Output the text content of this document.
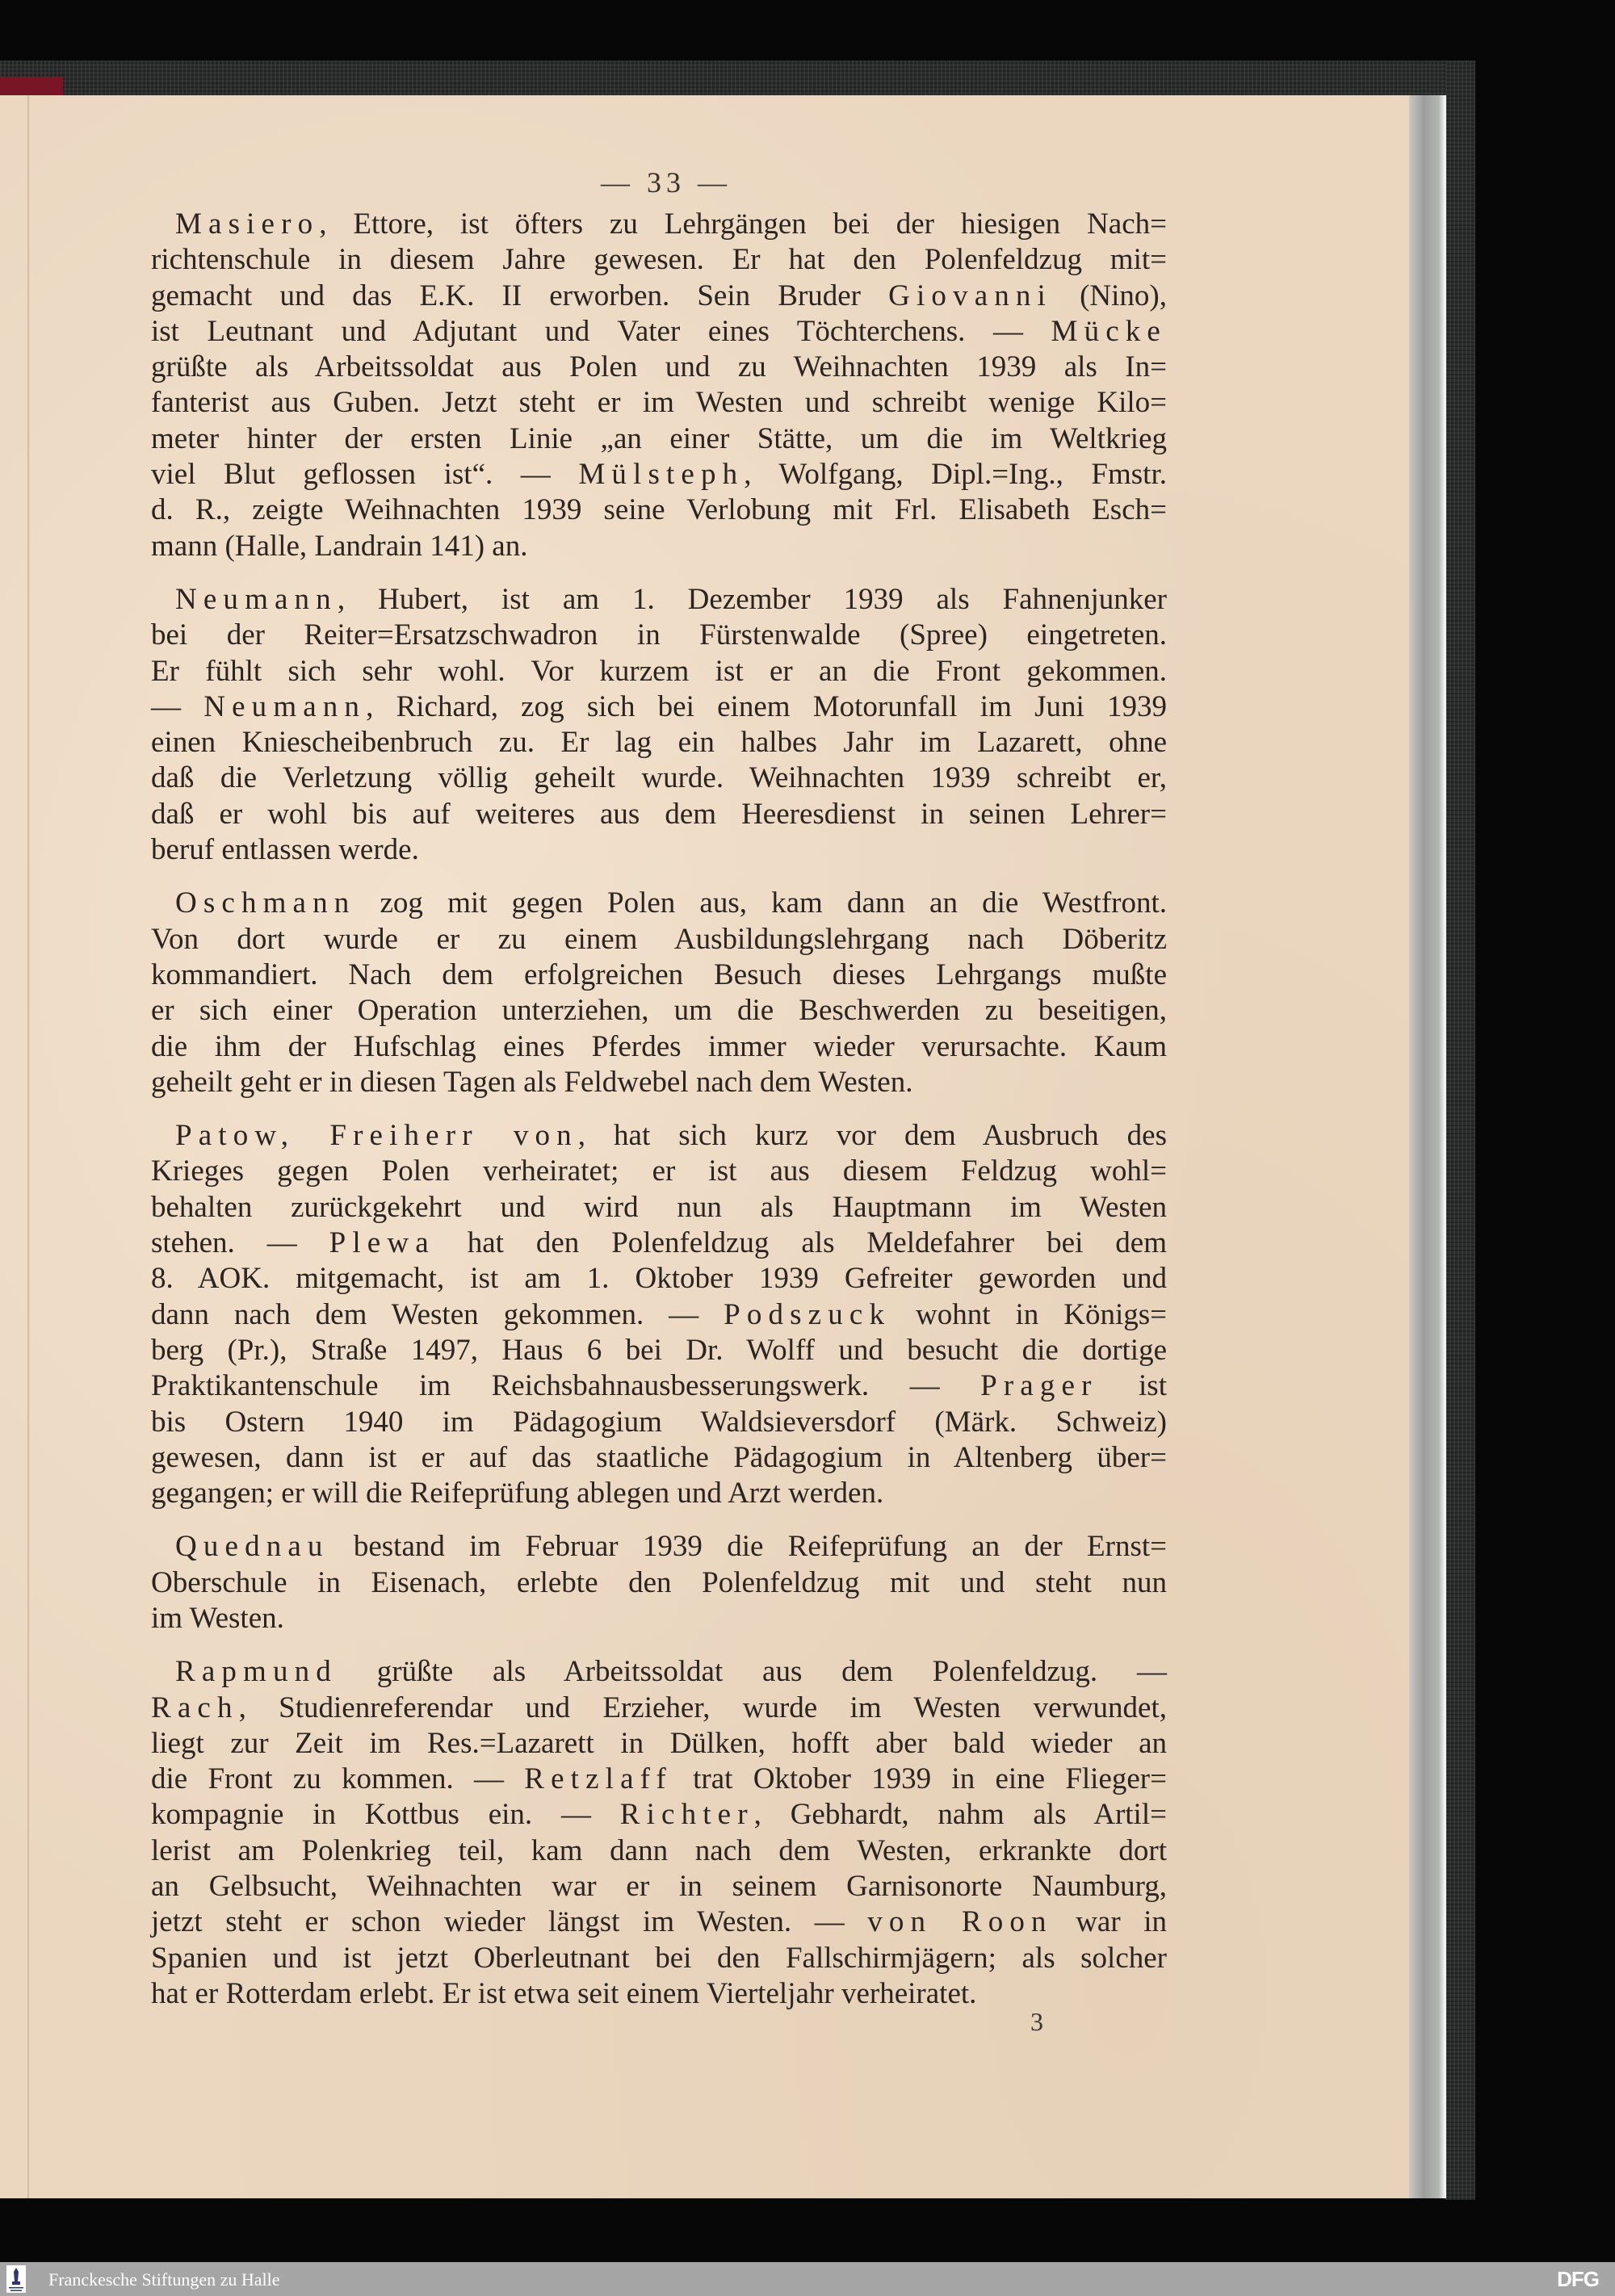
— 33 —
Masiero, Ettore, ist öfters zu Lehrgängen bei der hiesigen Nach=
richtenschule in diesem Jahre gewesen. Er hat den Polenfeldzug mit=
gemacht und das E.K. II erworben. Sein Bruder Giovanni (Nino),
ist Leutnant und Adjutant und Vater eines Töchterchens. — Mücke
grüßte als Arbeitssoldat aus Polen und zu Weihnachten 1939 als In=
fanterist aus Guben. Jetzt steht er im Westen und schreibt wenige Kilo=
meter hinter der ersten Linie „an einer Stätte, um die im Weltkrieg
viel Blut geflossen ist“. — Mülsteph, Wolfgang, Dipl.=Ing., Fmstr.
d. R., zeigte Weihnachten 1939 seine Verlobung mit Frl. Elisabeth Esch=
mann (Halle, Landrain 141) an.
Neumann, Hubert, ist am 1. Dezember 1939 als Fahnenjunker
bei der Reiter=Ersatzschwadron in Fürstenwalde (Spree) eingetreten.
Er fühlt sich sehr wohl. Vor kurzem ist er an die Front gekommen.
— Neumann, Richard, zog sich bei einem Motorunfall im Juni 1939
einen Kniescheibenbruch zu. Er lag ein halbes Jahr im Lazarett, ohne
daß die Verletzung völlig geheilt wurde. Weihnachten 1939 schreibt er,
daß er wohl bis auf weiteres aus dem Heeresdienst in seinen Lehrer=
beruf entlassen werde.
Oschmann zog mit gegen Polen aus, kam dann an die Westfront.
Von dort wurde er zu einem Ausbildungslehrgang nach Döberitz
kommandiert. Nach dem erfolgreichen Besuch dieses Lehrgangs mußte
er sich einer Operation unterziehen, um die Beschwerden zu beseitigen,
die ihm der Hufschlag eines Pferdes immer wieder verursachte. Kaum
geheilt geht er in diesen Tagen als Feldwebel nach dem Westen.
Patow, Freiherr von, hat sich kurz vor dem Ausbruch des
Krieges gegen Polen verheiratet; er ist aus diesem Feldzug wohl=
behalten zurückgekehrt und wird nun als Hauptmann im Westen
stehen. — Plewa hat den Polenfeldzug als Meldefahrer bei dem
8. AOK. mitgemacht, ist am 1. Oktober 1939 Gefreiter geworden und
dann nach dem Westen gekommen. — Podszuck wohnt in Königs=
berg (Pr.), Straße 1497, Haus 6 bei Dr. Wolff und besucht die dortige
Praktikantenschule im Reichsbahnausbesserungswerk. — Prager ist
bis Ostern 1940 im Pädagogium Waldsieversdorf (Märk. Schweiz)
gewesen, dann ist er auf das staatliche Pädagogium in Altenberg über=
gegangen; er will die Reifeprüfung ablegen und Arzt werden.
Quednau bestand im Februar 1939 die Reifeprüfung an der Ernst=
Oberschule in Eisenach, erlebte den Polenfeldzug mit und steht nun
im Westen.
Rapmund grüßte als Arbeitssoldat aus dem Polenfeldzug. —
Rach, Studienreferendar und Erzieher, wurde im Westen verwundet,
liegt zur Zeit im Res.=Lazarett in Dülken, hofft aber bald wieder an
die Front zu kommen. — Retzlaff trat Oktober 1939 in eine Flieger=
kompagnie in Kottbus ein. — Richter, Gebhardt, nahm als Artil=
lerist am Polenkrieg teil, kam dann nach dem Westen, erkrankte dort
an Gelbsucht, Weihnachten war er in seinem Garnisonorte Naumburg,
jetzt steht er schon wieder längst im Westen. — von Roon war in
Spanien und ist jetzt Oberleutnant bei den Fallschirmjägern; als solcher
hat er Rotterdam erlebt. Er ist etwa seit einem Vierteljahr verheiratet.
3
Franckesche Stiftungen zu Halle	DFG
